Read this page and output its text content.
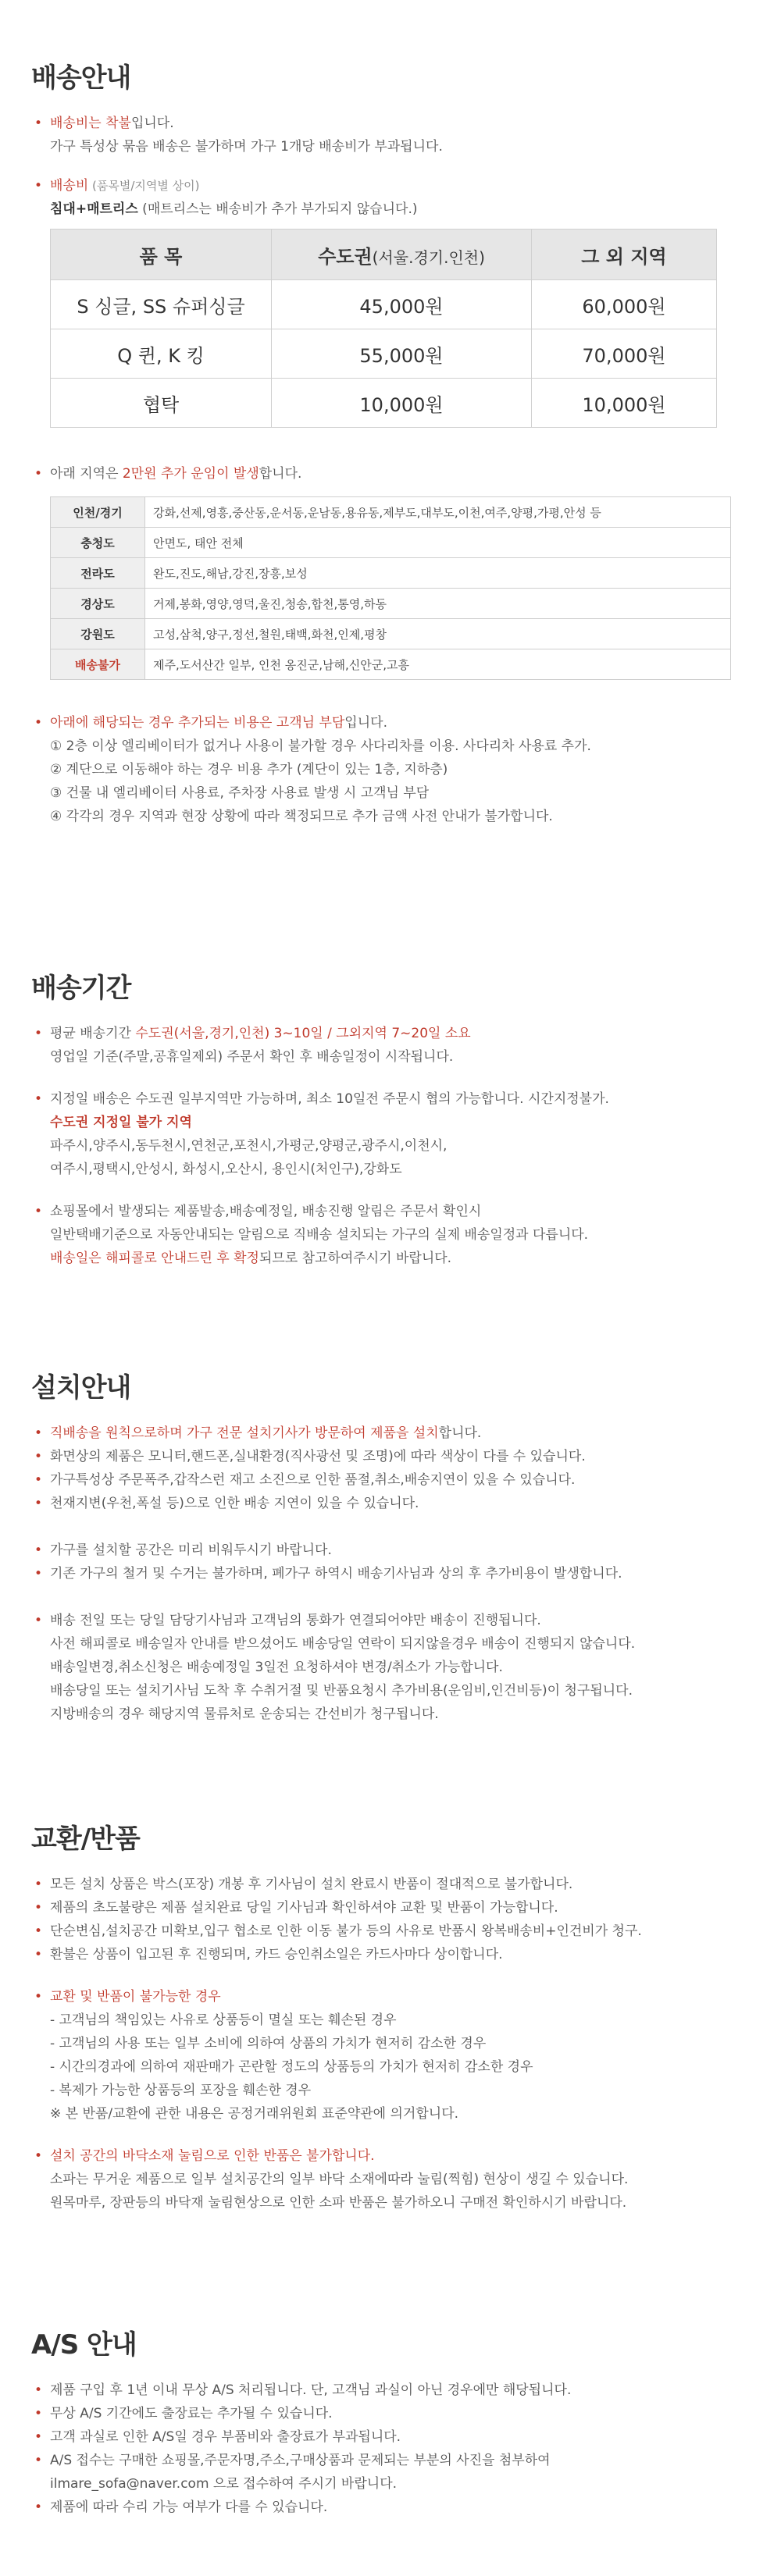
배송안내
• 배송비는 착불입니다.
가구 특성상 묶음 배송은 불가하며 가구 1개당 배송비가 부과됩니다.
• 배송비 (품목별/지역별 상이)
침대+매트리스 (매트리스는 배송비가 추가 부가되지 않습니다.)
품 목	수도권(서울.경기.인천)	그 외 지역
S 싱글, SS 슈퍼싱글	45,000원	60,000원
Q 퀸, K 킹	55,000원	70,000원
협탁	10,000원	10,000원
• 아래 지역은 2만원 추가 운임이 발생합니다.
인천/경기	강화,선제,영흥,중산동,운서동,운남동,용유동,제부도,대부도,이천,여주,양평,가평,안성 등
충청도	안면도, 태안 전체
전라도	완도,진도,해남,강진,장흥,보성
경상도	거제,봉화,영양,영덕,울진,청송,합천,통영,하동
강원도	고성,삼척,양구,정선,철원,태백,화천,인제,평창
배송불가	제주,도서산간 일부, 인천 옹진군,남해,신안군,고흥
• 아래에 해당되는 경우 추가되는 비용은 고객님 부담입니다.
① 2층 이상 엘리베이터가 없거나 사용이 불가할 경우 사다리차를 이용. 사다리차 사용료 추가.
② 계단으로 이동해야 하는 경우 비용 추가 (계단이 있는 1층, 지하층)
③ 건물 내 엘리베이터 사용료, 주차장 사용료 발생 시 고객님 부담
④ 각각의 경우 지역과 현장 상황에 따라 책정되므로 추가 금액 사전 안내가 불가합니다.
배송기간
• 평균 배송기간 수도권(서울,경기,인천) 3~10일 / 그외지역 7~20일 소요
영업일 기준(주말,공휴일제외) 주문서 확인 후 배송일정이 시작됩니다.
• 지정일 배송은 수도권 일부지역만 가능하며, 최소 10일전 주문시 협의 가능합니다. 시간지정불가.
수도권 지정일 불가 지역
파주시,양주시,동두천시,연천군,포천시,가평군,양평군,광주시,이천시,
여주시,평택시,안성시, 화성시,오산시, 용인시(처인구),강화도
• 쇼핑몰에서 발생되는 제품발송,배송예정일, 배송진행 알림은 주문서 확인시
일반택배기준으로 자동안내되는 알림으로 직배송 설치되는 가구의 실제 배송일정과 다릅니다.
배송일은 해피콜로 안내드린 후 확정되므로 참고하여주시기 바랍니다.
설치안내
• 직배송을 원칙으로하며 가구 전문 설치기사가 방문하여 제품을 설치합니다.
• 화면상의 제품은 모니터,핸드폰,실내환경(직사광선 및 조명)에 따라 색상이 다를 수 있습니다.
• 가구특성상 주문폭주,갑작스런 재고 소진으로 인한 품절,취소,배송지연이 있을 수 있습니다.
• 천재지변(우천,폭설 등)으로 인한 배송 지연이 있을 수 있습니다.
• 가구를 설치할 공간은 미리 비워두시기 바랍니다.
• 기존 가구의 철거 및 수거는 불가하며, 폐가구 하역시 배송기사님과 상의 후 추가비용이 발생합니다.
• 배송 전일 또는 당일 담당기사님과 고객님의 통화가 연결되어야만 배송이 진행됩니다.
사전 해피콜로 배송일자 안내를 받으셨어도 배송당일 연락이 되지않을경우 배송이 진행되지 않습니다.
배송일변경,취소신청은 배송예정일 3일전 요청하셔야 변경/취소가 가능합니다.
배송당일 또는 설치기사님 도착 후 수취거절 및 반품요청시 추가비용(운임비,인건비등)이 청구됩니다.
지방배송의 경우 해당지역 물류처로 운송되는 간선비가 청구됩니다.
교환/반품
• 모든 설치 상품은 박스(포장) 개봉 후 기사님이 설치 완료시 반품이 절대적으로 불가합니다.
• 제품의 초도불량은 제품 설치완료 당일 기사님과 확인하셔야 교환 및 반품이 가능합니다.
• 단순변심,설치공간 미확보,입구 협소로 인한 이동 불가 등의 사유로 반품시 왕복배송비+인건비가 청구.
• 환불은 상품이 입고된 후 진행되며, 카드 승인취소일은 카드사마다 상이합니다.
• 교환 및 반품이 불가능한 경우
- 고객님의 책임있는 사유로 상품등이 멸실 또는 훼손된 경우
- 고객님의 사용 또는 일부 소비에 의하여 상품의 가치가 현저히 감소한 경우
- 시간의경과에 의하여 재판매가 곤란할 정도의 상품등의 가치가 현저히 감소한 경우
- 복제가 가능한 상품등의 포장을 훼손한 경우
※ 본 반품/교환에 관한 내용은 공정거래위원회 표준약관에 의거합니다.
• 설치 공간의 바닥소재 눌림으로 인한 반품은 불가합니다.
소파는 무거운 제품으로 일부 설치공간의 일부 바닥 소재에따라 눌림(찍힘) 현상이 생길 수 있습니다.
원목마루, 장판등의 바닥재 눌림현상으로 인한 소파 반품은 불가하오니 구매전 확인하시기 바랍니다.
A/S 안내
• 제품 구입 후 1년 이내 무상 A/S 처리됩니다. 단, 고객님 과실이 아닌 경우에만 해당됩니다.
• 무상 A/S 기간에도 출장료는 추가될 수 있습니다.
• 고객 과실로 인한 A/S일 경우 부품비와 출장료가 부과됩니다.
• A/S 접수는 구매한 쇼핑몰,주문자명,주소,구매상품과 문제되는 부분의 사진을 첨부하여
ilmare_sofa@naver.com 으로 접수하여 주시기 바랍니다.
• 제품에 따라 수리 가능 여부가 다를 수 있습니다.
